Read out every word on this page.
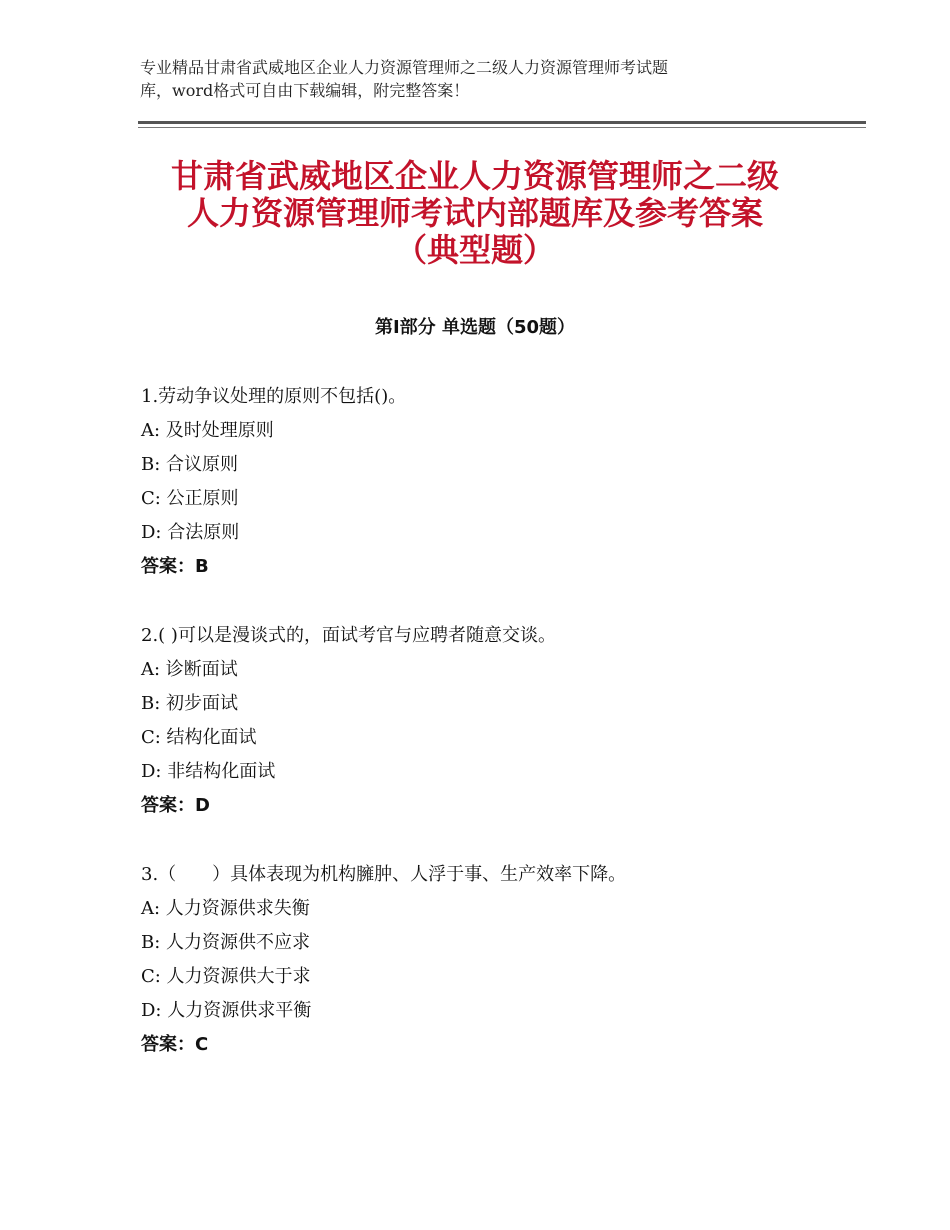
专业精品甘肃省武威地区企业人力资源管理师之二级人力资源管理师考试题
库，word格式可自由下载编辑，附完整答案！
甘肃省武威地区企业人力资源管理师之二级
人力资源管理师考试内部题库及参考答案
（典型题）
第Ⅰ部分 单选题（50题）
1.劳动争议处理的原则不包括()。
A: 及时处理原则
B: 合议原则
C: 公正原则
D: 合法原则
答案：B
2.( )可以是漫谈式的，面试考官与应聘者随意交谈。
A: 诊断面试
B: 初步面试
C: 结构化面试
D: 非结构化面试
答案：D
3.（　　）具体表现为机构臃肿、人浮于事、生产效率下降。
A: 人力资源供求失衡
B: 人力资源供不应求
C: 人力资源供大于求
D: 人力资源供求平衡
答案：C
